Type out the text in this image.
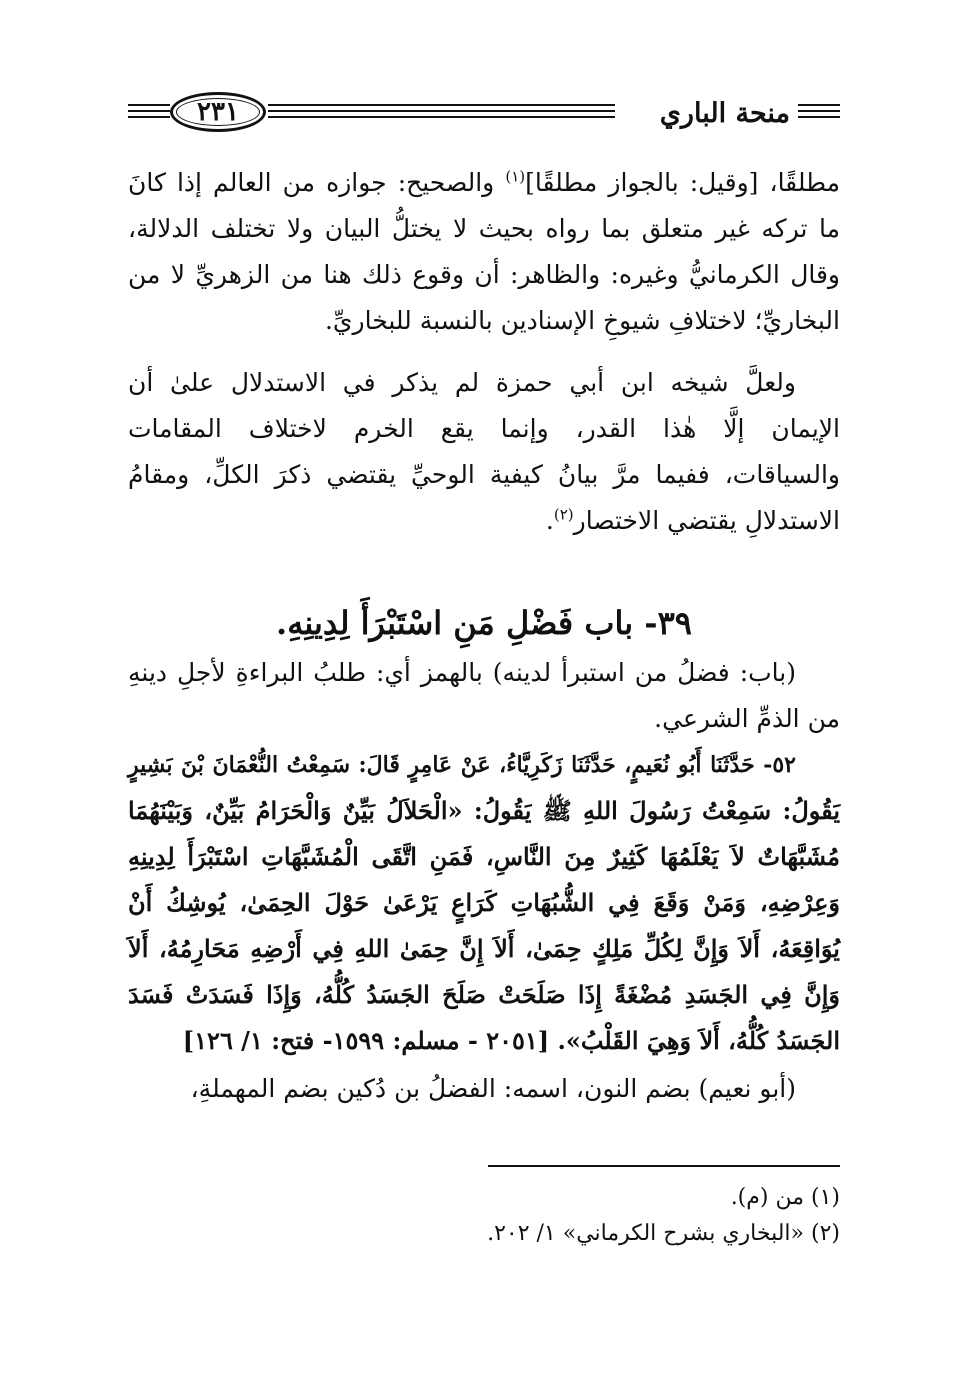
منحة الباري
٢٣١
مطلقًا، [وقيل: بالجواز مطلقًا]$^{(١)}$ والصحيح: جوازه من العالم إذا كانَ
ما تركه غير متعلق بما رواه بحيث لا يختلُّ البيان ولا تختلف الدلالة،
وقال الكرمانيُّ وغيره: والظاهر: أن وقوع ذلك هنا من الزهريِّ لا من
البخاريِّ؛ لاختلافِ شيوخِ الإسنادين بالنسبة للبخاريِّ.
ولعلَّ شيخه ابن أبي حمزة لم يذكر في الاستدلال علىٰ أن
الإيمان إلَّا هٰذا القدر، وإنما يقع الخرم لاختلاف المقامات
والسياقات، ففيما مرَّ بيانُ كيفية الوحيِّ يقتضي ذكرَ الكلِّ، ومقامُ
الاستدلالِ يقتضي الاختصار$^{(٢)}$.
٣٩- باب فَضْلِ مَنِ اسْتَبْرَأَ لِدِينِهِ.
(باب: فضلُ من استبرأ لدينه) بالهمز أي: طلبُ البراءةِ لأجلِ دينهِ
من الذمِّ الشرعي.
٥٢- حَدَّثَنَا أَبُو نُعَيمٍ، حَدَّثَنَا زَكَرِيَّاءُ، عَنْ عَامِرٍ قَالَ: سَمِعْتُ النُّعْمَانَ بْنَ بَشِيرٍ
يَقُولُ: سَمِعْتُ رَسُولَ اللهِ ﷺ يَقُولُ: «الْحَلاَلُ بَيِّنٌ وَالْحَرَامُ بَيِّنٌ، وَبَيْنَهُمَا
مُشَبَّهَاتٌ لاَ يَعْلَمُهَا كَثِيرٌ مِنَ النَّاسِ، فَمَنِ اتَّقَى الْمُشَبَّهَاتِ اسْتَبْرَأَ لِدِينِهِ
وَعِرْضِهِ، وَمَنْ وَقَعَ فِي الشُّبُهَاتِ كَرَاعٍ يَرْعَىٰ حَوْلَ الحِمَىٰ، يُوشِكُ أَنْ
يُوَاقِعَهُ، أَلاَ وَإِنَّ لِكُلِّ مَلِكٍ حِمَىٰ، أَلاَ إِنَّ حِمَىٰ اللهِ فِي أَرْضِهِ مَحَارِمُهُ، أَلاَ
وَإِنَّ فِي الجَسَدِ مُضْغَةً إِذَا صَلَحَتْ صَلَحَ الجَسَدُ كُلُّهُ، وَإِذَا فَسَدَتْ فَسَدَ
الجَسَدُ كُلُّهُ، أَلاَ وَهِيَ القَلْبُ». [٢٠٥١ - مسلم: ١٥٩٩- فتح: ١/ ١٢٦]
(أبو نعيم) بضم النون، اسمه: الفضلُ بن دُكين بضم المهملةِ،
(١) من (م).
(٢) «البخاري بشرح الكرماني» ١/ ٢٠٢.
